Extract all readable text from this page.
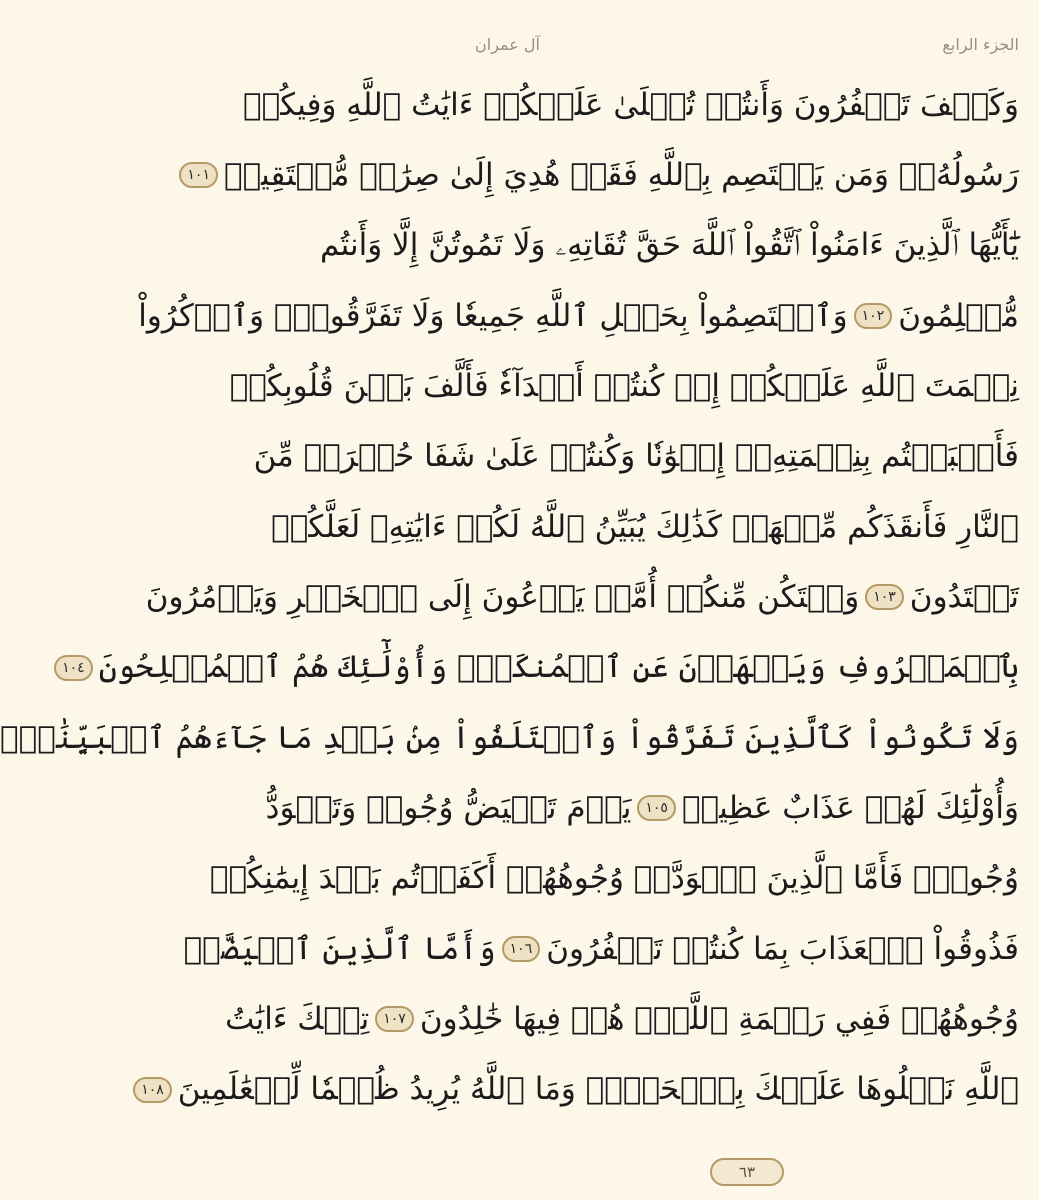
الجزء الرابع
آل عمران
وَكَيۡفَ تَكۡفُرُونَ وَأَنتُمۡ تُتۡلَىٰ عَلَيۡكُمۡ ءَايَٰتُ ٱللَّهِ وَفِيكُمۡ
رَسُولُهُۥۗ وَمَن يَعۡتَصِم بِٱللَّهِ فَقَدۡ هُدِيَ إِلَىٰ صِرَٰطٖ مُّسۡتَقِيمٖ
١٠١
يَٰٓأَيُّهَا ٱلَّذِينَ ءَامَنُواْ ٱتَّقُواْ ٱللَّهَ حَقَّ تُقَاتِهِۦ وَلَا تَمُوتُنَّ إِلَّا وَأَنتُم
مُّسۡلِمُونَ
١٠٢
وَٱعۡتَصِمُواْ بِحَبۡلِ ٱللَّهِ جَمِيعٗا وَلَا تَفَرَّقُواْۚ وَٱذۡكُرُواْ
نِعۡمَتَ ٱللَّهِ عَلَيۡكُمۡ إِذۡ كُنتُمۡ أَعۡدَآءٗ فَأَلَّفَ بَيۡنَ قُلُوبِكُمۡ
فَأَصۡبَحۡتُم بِنِعۡمَتِهِۦٓ إِخۡوَٰنٗا وَكُنتُمۡ عَلَىٰ شَفَا حُفۡرَةٖ مِّنَ
ٱلنَّارِ فَأَنقَذَكُم مِّنۡهَاۗ كَذَٰلِكَ يُبَيِّنُ ٱللَّهُ لَكُمۡ ءَايَٰتِهِۦ لَعَلَّكُمۡ
تَهۡتَدُونَ
١٠٣
وَلۡتَكُن مِّنكُمۡ أُمَّةٞ يَدۡعُونَ إِلَى ٱلۡخَيۡرِ وَيَأۡمُرُونَ
بِٱلۡمَعۡرُوفِ وَيَنۡهَوۡنَ عَنِ ٱلۡمُنكَرِۚ وَأُوْلَٰٓئِكَ هُمُ ٱلۡمُفۡلِحُونَ
١٠٤
وَلَا تَكُونُواْ كَٱلَّذِينَ تَفَرَّقُواْ وَٱخۡتَلَفُواْ مِنۢ بَعۡدِ مَا جَآءَهُمُ ٱلۡبَيِّنَٰتُۚ
وَأُوْلَٰٓئِكَ لَهُمۡ عَذَابٌ عَظِيمٞ
١٠٥
يَوۡمَ تَبۡيَضُّ وُجُوهٞ وَتَسۡوَدُّ
وُجُوهٞۚ فَأَمَّا ٱلَّذِينَ ٱسۡوَدَّتۡ وُجُوهُهُمۡ أَكَفَرۡتُم بَعۡدَ إِيمَٰنِكُمۡ
فَذُوقُواْ ٱلۡعَذَابَ بِمَا كُنتُمۡ تَكۡفُرُونَ
١٠٦
وَأَمَّا ٱلَّذِينَ ٱبۡيَضَّتۡ
وُجُوهُهُمۡ فَفِي رَحۡمَةِ ٱللَّهِۖ هُمۡ فِيهَا خَٰلِدُونَ
١٠٧
تِلۡكَ ءَايَٰتُ
ٱللَّهِ نَتۡلُوهَا عَلَيۡكَ بِٱلۡحَقِّۗ وَمَا ٱللَّهُ يُرِيدُ ظُلۡمٗا لِّلۡعَٰلَمِينَ
١٠٨
٦٣
